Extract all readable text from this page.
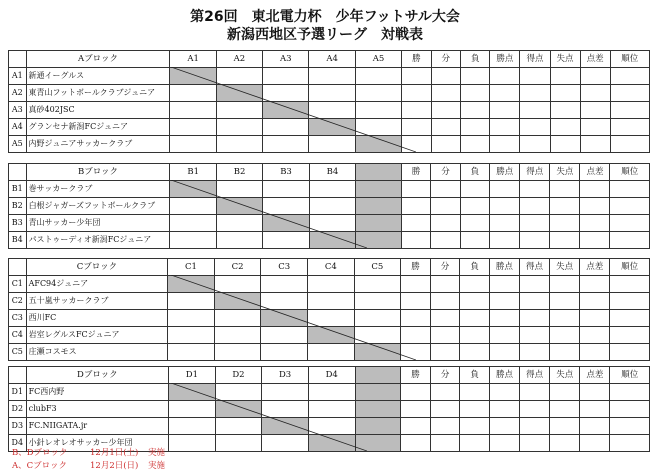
第26回　東北電力杯　少年フットサル大会
新潟西地区予選リーグ　対戦表
	Aブロック	A1	A2	A3	A4	A5	勝	分	負	勝点	得点	失点	点差	順位
A1	新通イーグルス													
A2	東青山フットボールクラブジュニア													
A3	真砂402JSC													
A4	グランセナ新潟FCジュニア													
A5	内野ジュニアサッカークラブ													
	Bブロック	B1	B2	B3	B4		勝	分	負	勝点	得点	失点	点差	順位
B1	巻サッカークラブ													
B2	白根ジャガーズフットボールクラブ													
B3	青山サッカー少年団													
B4	パストゥーディオ新潟FCジュニア													
	Cブロック	C1	C2	C3	C4	C5	勝	分	負	勝点	得点	失点	点差	順位
C1	AFC94ジュニア													
C2	五十嵐サッカークラブ													
C3	西川FC													
C4	岩室レグルスFCジュニア													
C5	庄瀬コスモス													
	Dブロック	D1	D2	D3	D4		勝	分	負	勝点	得点	失点	点差	順位
D1	FC西内野													
D2	clubF3													
D3	FC.NIIGATA.jr													
D4	小針レオレオサッカー少年団													
B、Dブロック	12月1日(土) 実施
A、Cブロック	12月2日(日) 実施
